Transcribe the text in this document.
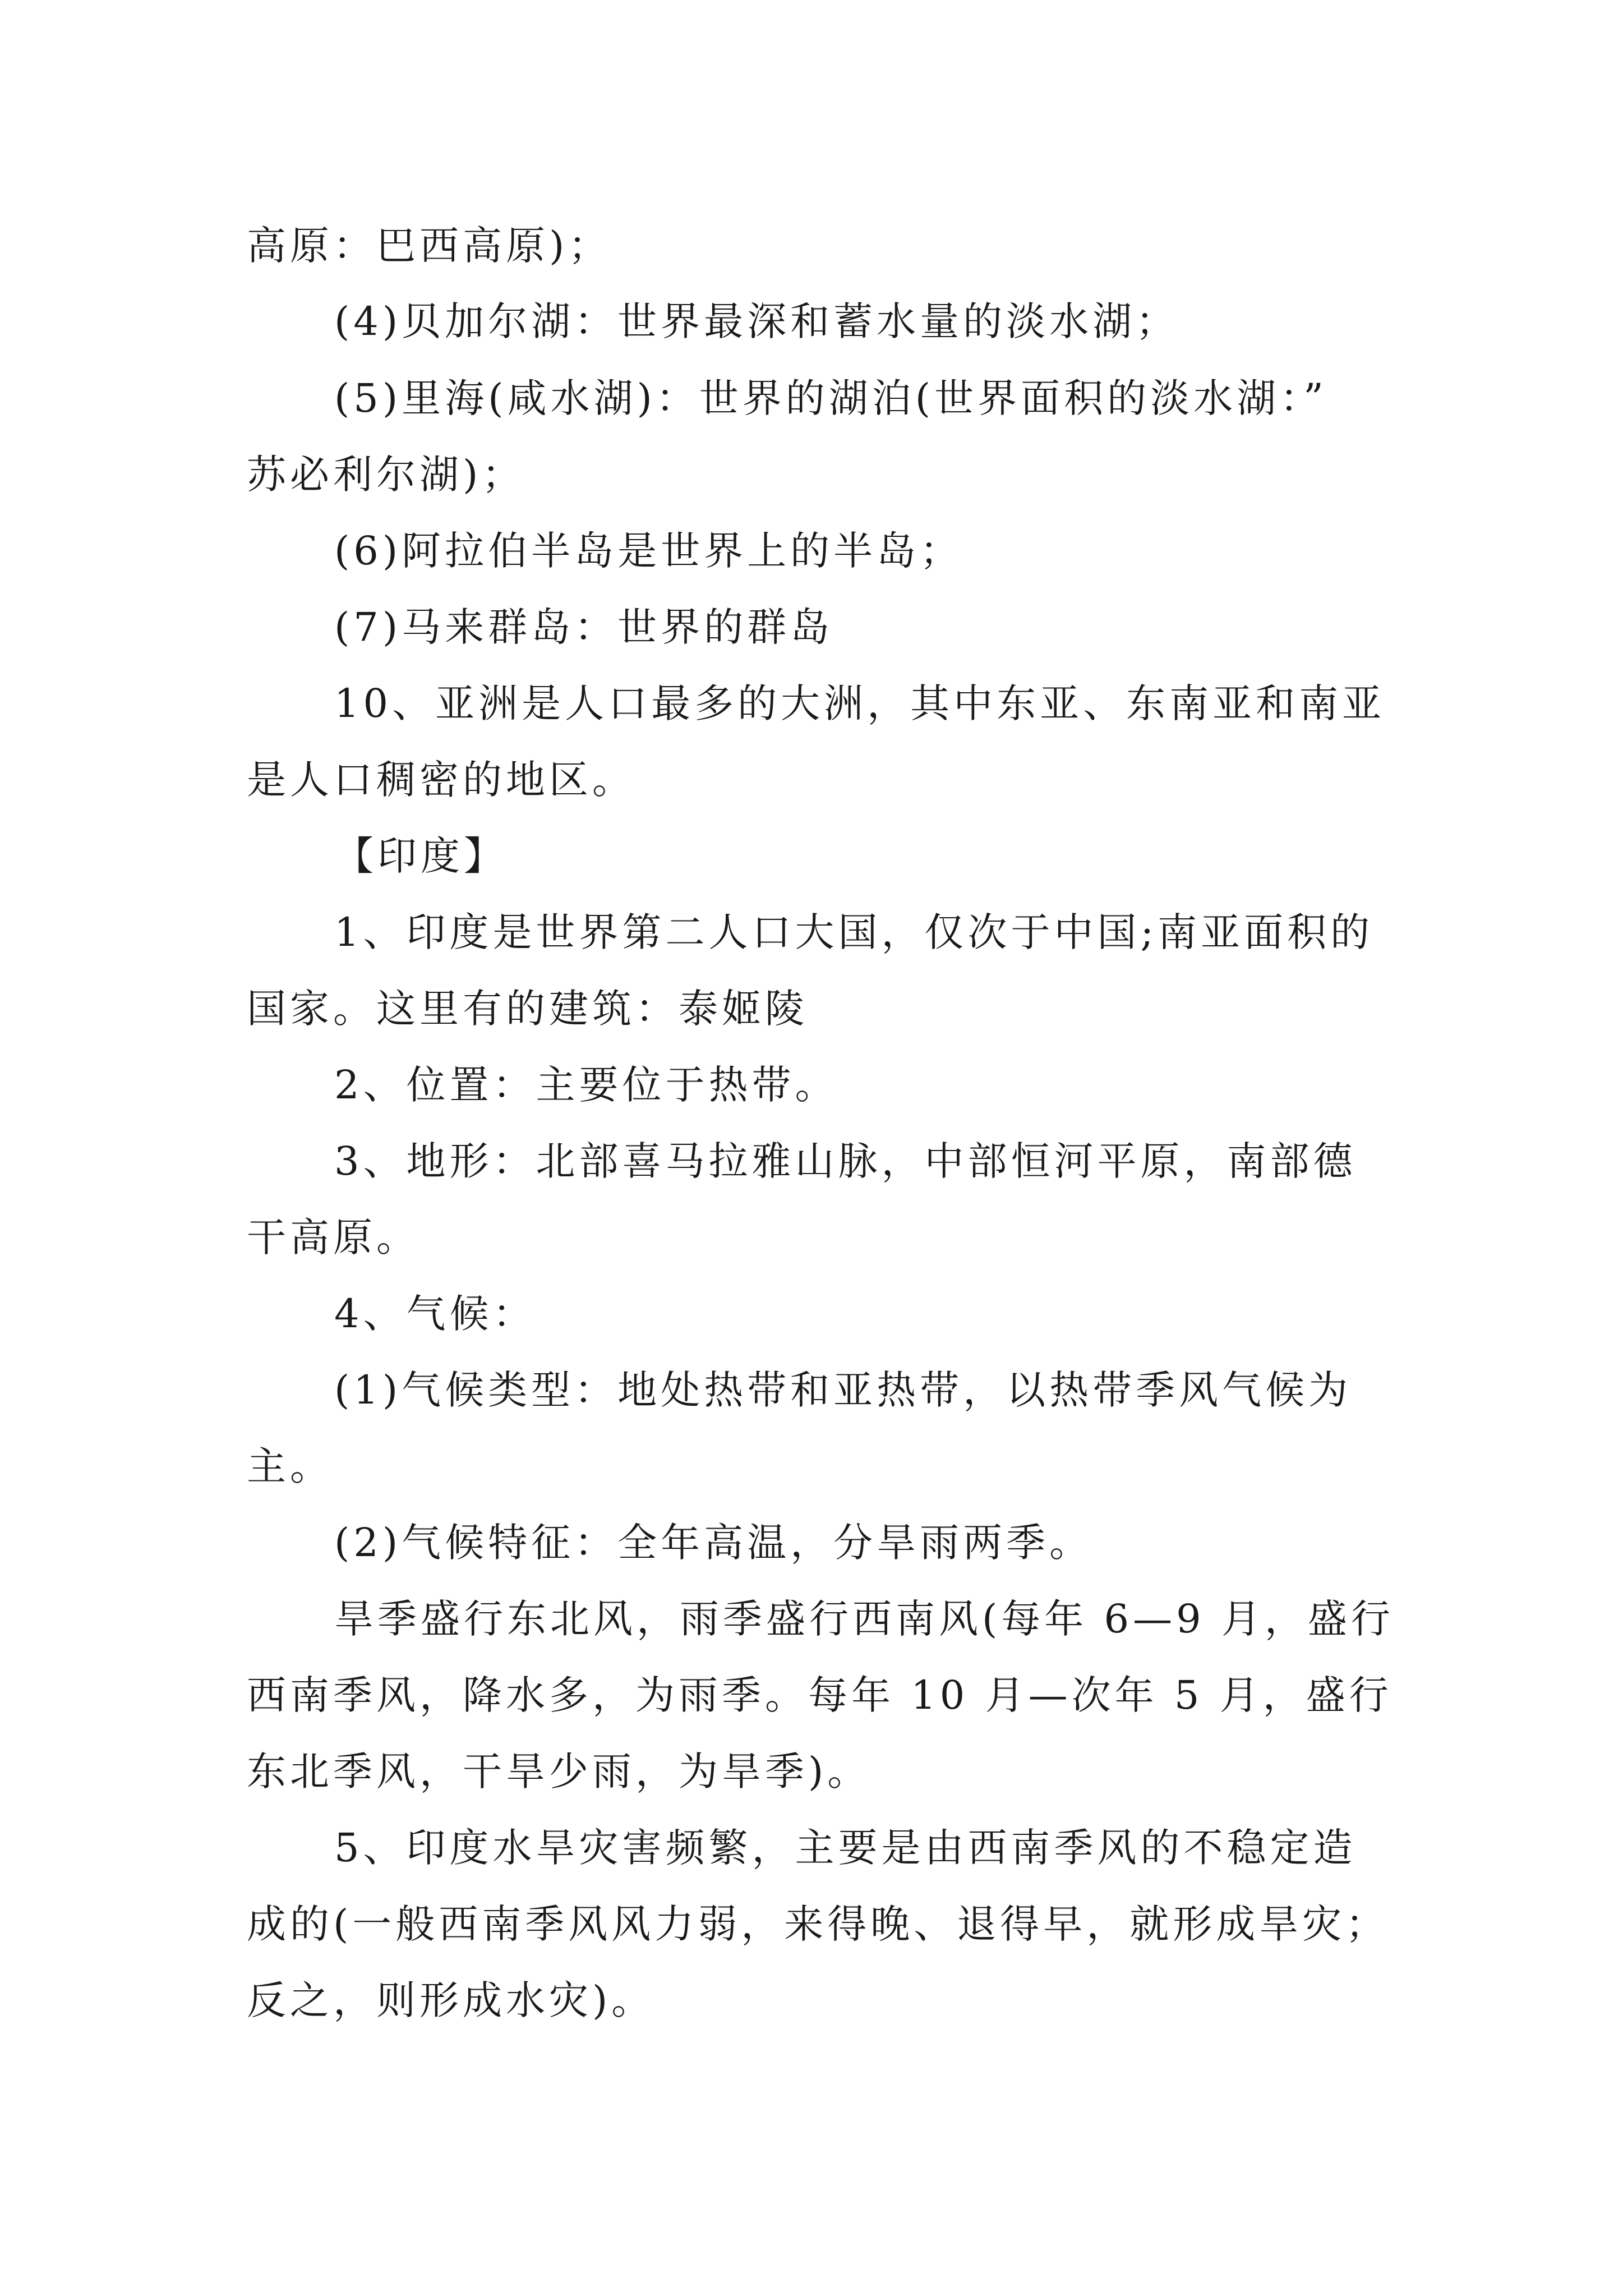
高原：巴西高原)；
(4)贝加尔湖：世界最深和蓄水量的淡水湖；
(5)里海(咸水湖)：世界的湖泊(世界面积的淡水湖：”
苏必利尔湖)；
(6)阿拉伯半岛是世界上的半岛；
(7)马来群岛：世界的群岛
10、亚洲是人口最多的大洲，其中东亚、东南亚和南亚
是人口稠密的地区。
【印度】
1、印度是世界第二人口大国，仅次于中国;南亚面积的
国家。这里有的建筑：泰姬陵
2、位置：主要位于热带。
3、地形：北部喜马拉雅山脉，中部恒河平原，南部德
干高原。
4、气候：
(1)气候类型：地处热带和亚热带，以热带季风气候为
主。
(2)气候特征：全年高温，分旱雨两季。
旱季盛行东北风，雨季盛行西南风(每年 6—9 月，盛行
西南季风，降水多，为雨季。每年 10 月—次年 5 月，盛行
东北季风，干旱少雨，为旱季)。
5、印度水旱灾害频繁，主要是由西南季风的不稳定造
成的(一般西南季风风力弱，来得晚、退得早，就形成旱灾；
反之，则形成水灾)。
